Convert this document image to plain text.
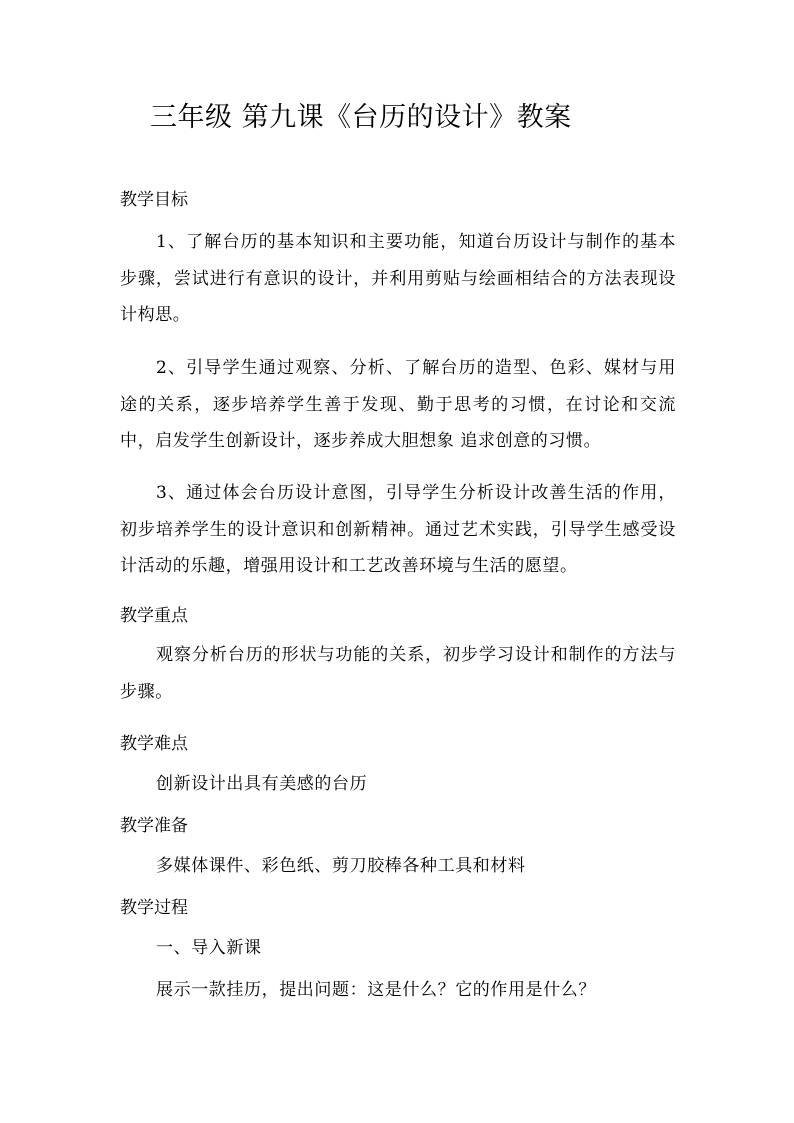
三年级 第九课《台历的设计》教案
教学目标

1、了解台历的基本知识和主要功能，知道台历设计与制作的基本步骤，尝试进行有意识的设计，并利用剪贴与绘画相结合的方法表现设计构思。

2、引导学生通过观察、分析、了解台历的造型、色彩、媒材与用途的关系，逐步培养学生善于发现、勤于思考的习惯，在讨论和交流中，启发学生创新设计，逐步养成大胆想象 追求创意的习惯。

3、通过体会台历设计意图，引导学生分析设计改善生活的作用，初步培养学生的设计意识和创新精神。通过艺术实践，引导学生感受设计活动的乐趣，增强用设计和工艺改善环境与生活的愿望。

教学重点

观察分析台历的形状与功能的关系，初步学习设计和制作的方法与步骤。

教学难点
创新设计出具有美感的台历
教学准备
多媒体课件、彩色纸、剪刀胶棒各种工具和材料
教学过程
一、导入新课
展示一款挂历，提出问题：这是什么？它的作用是什么？
